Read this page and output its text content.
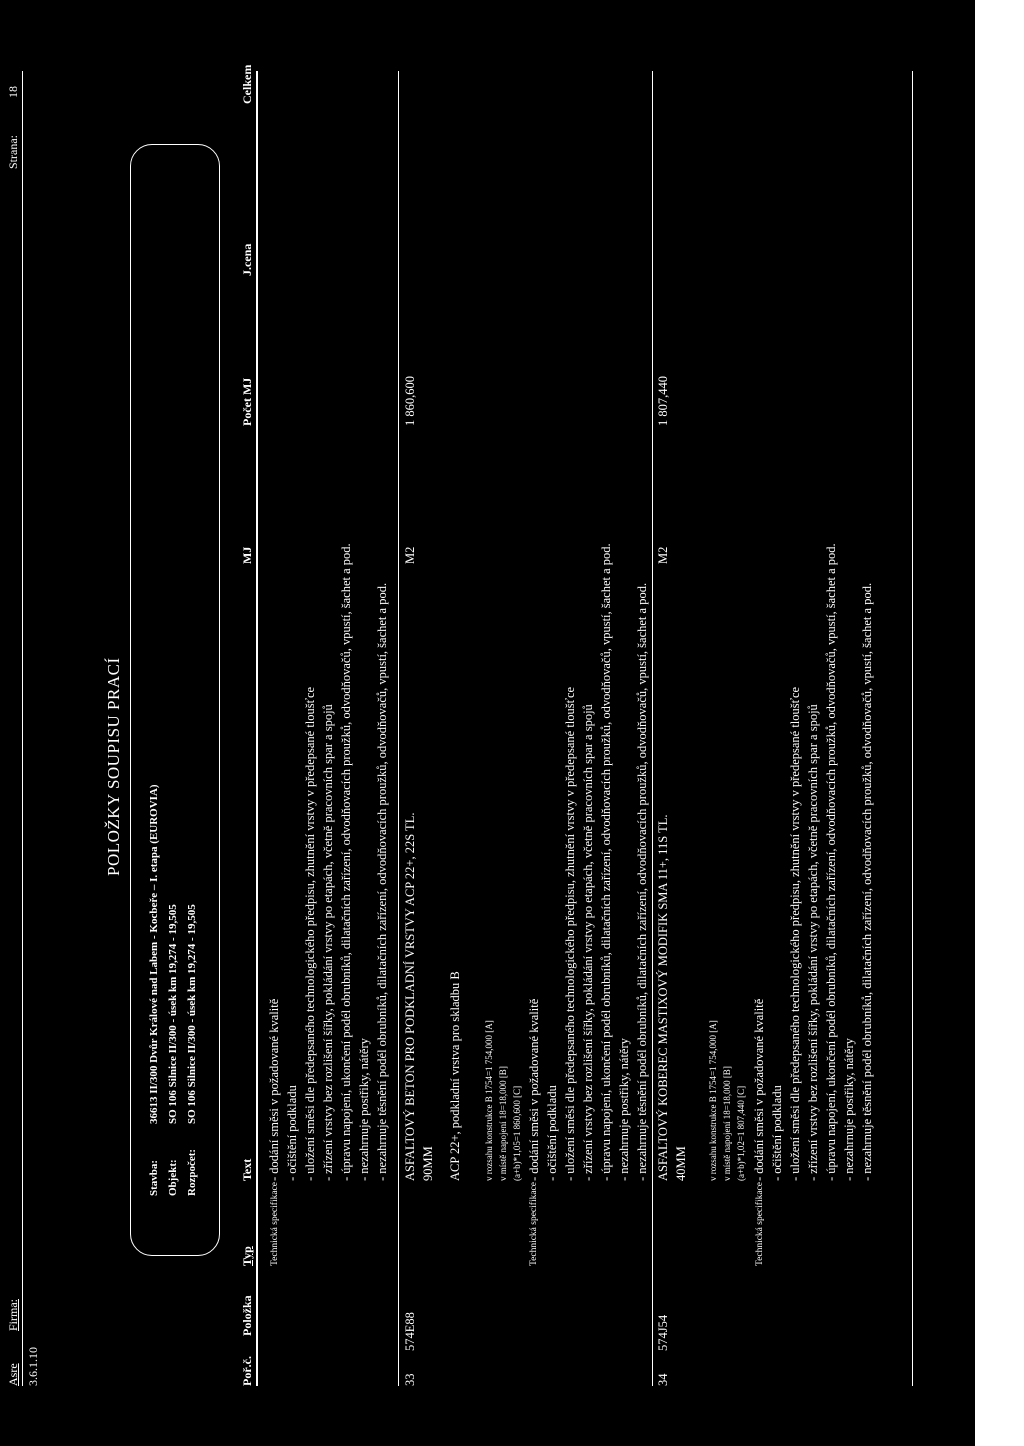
Asre
Firma:
Strana:
18
3.6.1.10
POLOŽKY SOUPISU PRACÍ
Stavba:
36613 II/300 Dvůr Králové nad Labem - Kocbeře – I. etapa (EUROVIA)
Objekt:
SO 106 Silnice II/300 - úsek km 19,274 - 19,505
Rozpočet:
SO 106 Silnice II/300 - úsek km 19,274 - 19,505
Poř.č.
Položka
Typ
Text
MJ
Počet MJ
J.cena
Celkem
Technická specifikace
- dodání směsi v požadované kvalitě - očištění podkladu - uložení směsi dle předepsaného technologického předpisu, zhutnění vrstvy v předepsané tloušťce - zřízení vrstvy bez rozlišení šířky, pokládání vrstvy po etapách, včetně pracovních spar a spojů - úpravu napojení, ukončení podél obrubníků, dilatačních zařízení, odvodňovacích proužků, odvodňovačů, vpustí, šachet a pod. - nezahrnuje postřiky, nátěry - nezahrnuje těsnění podél obrubníků, dilatačních zařízení, odvodňovacích proužků, odvodňovačů, vpustí, šachet a pod.
33
574E88
ASFALTOVÝ BETON PRO PODKLADNÍ VRSTVY ACP 22+, 22S TL. 90MM
M2
1 860,600
ACP 22+, podkladní vrstva pro skladbu B v rozsahu konstrukce B 1754=1 754,000 [A] v místě napojení 18=18,000 [B] (a+b)*1,05=1 860,600 [C]
Technická specifikace
- dodání směsi v požadované kvalitě - očištění podkladu - uložení směsi dle předepsaného technologického předpisu, zhutnění vrstvy v předepsané tloušťce - zřízení vrstvy bez rozlišení šířky, pokládání vrstvy po etapách, včetně pracovních spar a spojů - úpravu napojení, ukončení podél obrubníků, dilatačních zařízení, odvodňovacích proužků, odvodňovačů, vpustí, šachet a pod. - nezahrnuje postřiky, nátěry - nezahrnuje těsnění podél obrubníků, dilatačních zařízení, odvodňovacích proužků, odvodňovačů, vpustí, šachet a pod.
34
574J54
ASFALTOVÝ KOBEREC MASTIXOVÝ MODIFIK SMA 11+, 11S TL. 40MM
M2
1 807,440
v rozsahu konstrukce B 1754=1 754,000 [A] v místě napojení 18=18,000 [B] (a+b)*1,02=1 807,440 [C]
Technická specifikace
- dodání směsi v požadované kvalitě - očištění podkladu - uložení směsi dle předepsaného technologického předpisu, zhutnění vrstvy v předepsané tloušťce - zřízení vrstvy bez rozlišení šířky, pokládání vrstvy po etapách, včetně pracovních spar a spojů - úpravu napojení, ukončení podél obrubníků, dilatačních zařízení, odvodňovacích proužků, odvodňovačů, vpustí, šachet a pod. - nezahrnuje postřiky, nátěry - nezahrnuje těsnění podél obrubníků, dilatačních zařízení, odvodňovacích proužků, odvodňovačů, vpustí, šachet a pod.
